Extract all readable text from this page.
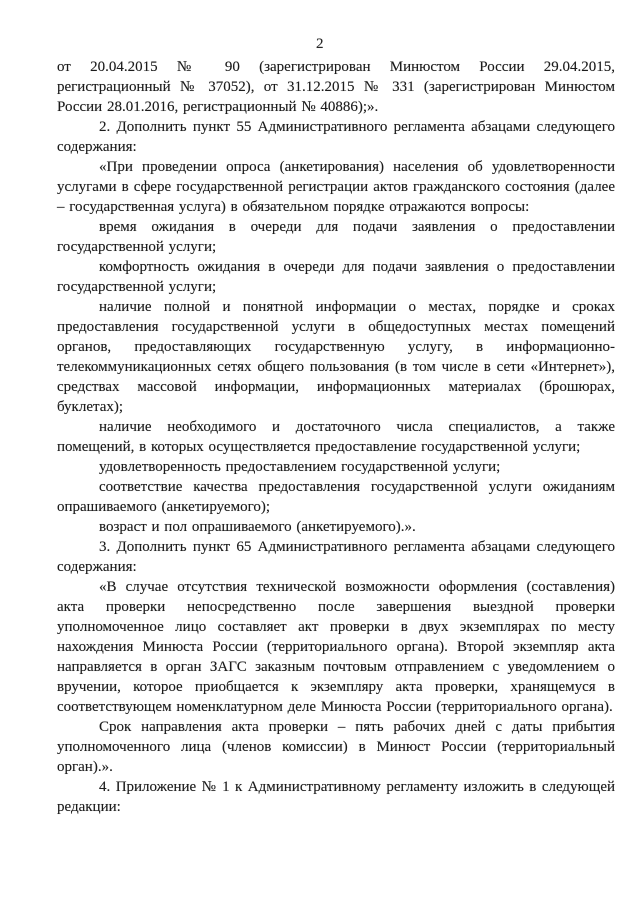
2

от 20.04.2015 № 90 (зарегистрирован Минюстом России 29.04.2015, регистрационный № 37052), от 31.12.2015 № 331 (зарегистрирован Минюстом России 28.01.2016, регистрационный № 40886);».

2. Дополнить пункт 55 Административного регламента абзацами следующего содержания:

«При проведении опроса (анкетирования) населения об удовлетворенности услугами в сфере государственной регистрации актов гражданского состояния (далее – государственная услуга) в обязательном порядке отражаются вопросы:

время ожидания в очереди для подачи заявления о предоставлении государственной услуги;

комфортность ожидания в очереди для подачи заявления о предоставлении государственной услуги;

наличие полной и понятной информации о местах, порядке и сроках предоставления государственной услуги в общедоступных местах помещений органов, предоставляющих государственную услугу, в информационно-телекоммуникационных сетях общего пользования (в том числе в сети «Интернет»), средствах массовой информации, информационных материалах (брошюрах, буклетах);

наличие необходимого и достаточного числа специалистов, а также помещений, в которых осуществляется предоставление государственной услуги;

удовлетворенность предоставлением государственной услуги;

соответствие качества предоставления государственной услуги ожиданиям опрашиваемого (анкетируемого);

возраст и пол опрашиваемого (анкетируемого).».

3. Дополнить пункт 65 Административного регламента абзацами следующего содержания:

«В случае отсутствия технической возможности оформления (составления) акта проверки непосредственно после завершения выездной проверки уполномоченное лицо составляет акт проверки в двух экземплярах по месту нахождения Минюста России (территориального органа). Второй экземпляр акта направляется в орган ЗАГС заказным почтовым отправлением с уведомлением о вручении, которое приобщается к экземпляру акта проверки, хранящемуся в соответствующем номенклатурном деле Минюста России (территориального органа).

Срок направления акта проверки – пять рабочих дней с даты прибытия уполномоченного лица (членов комиссии) в Минюст России (территориальный орган).».

4. Приложение № 1 к Административному регламенту изложить в следующей редакции:
